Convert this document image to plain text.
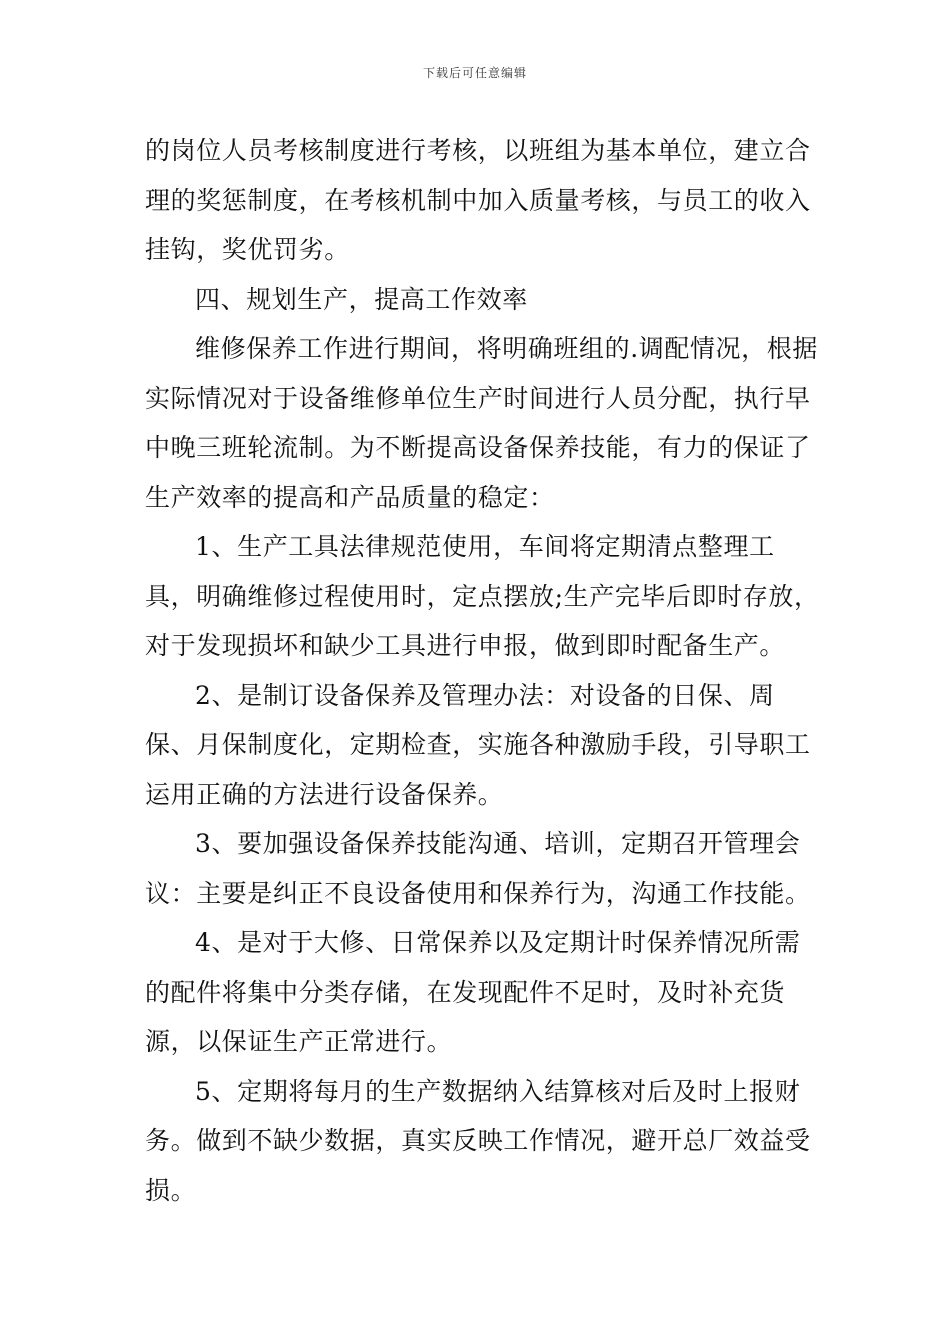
下载后可任意编辑

的岗位人员考核制度进行考核，以班组为基本单位，建立合理的奖惩制度，在考核机制中加入质量考核，与员工的收入挂钩，奖优罚劣。

四、规划生产，提高工作效率

维修保养工作进行期间，将明确班组的.调配情况，根据实际情况对于设备维修单位生产时间进行人员分配，执行早中晚三班轮流制。为不断提高设备保养技能，有力的保证了生产效率的提高和产品质量的稳定：

1、生产工具法律规范使用，车间将定期清点整理工具，明确维修过程使用时，定点摆放;生产完毕后即时存放，对于发现损坏和缺少工具进行申报，做到即时配备生产。

2、是制订设备保养及管理办法：对设备的日保、周保、月保制度化，定期检查，实施各种激励手段，引导职工运用正确的方法进行设备保养。

3、要加强设备保养技能沟通、培训，定期召开管理会议：主要是纠正不良设备使用和保养行为，沟通工作技能。

4、是对于大修、日常保养以及定期计时保养情况所需的配件将集中分类存储，在发现配件不足时，及时补充货源，以保证生产正常进行。

5、定期将每月的生产数据纳入结算核对后及时上报财务。做到不缺少数据，真实反映工作情况，避开总厂效益受损。
